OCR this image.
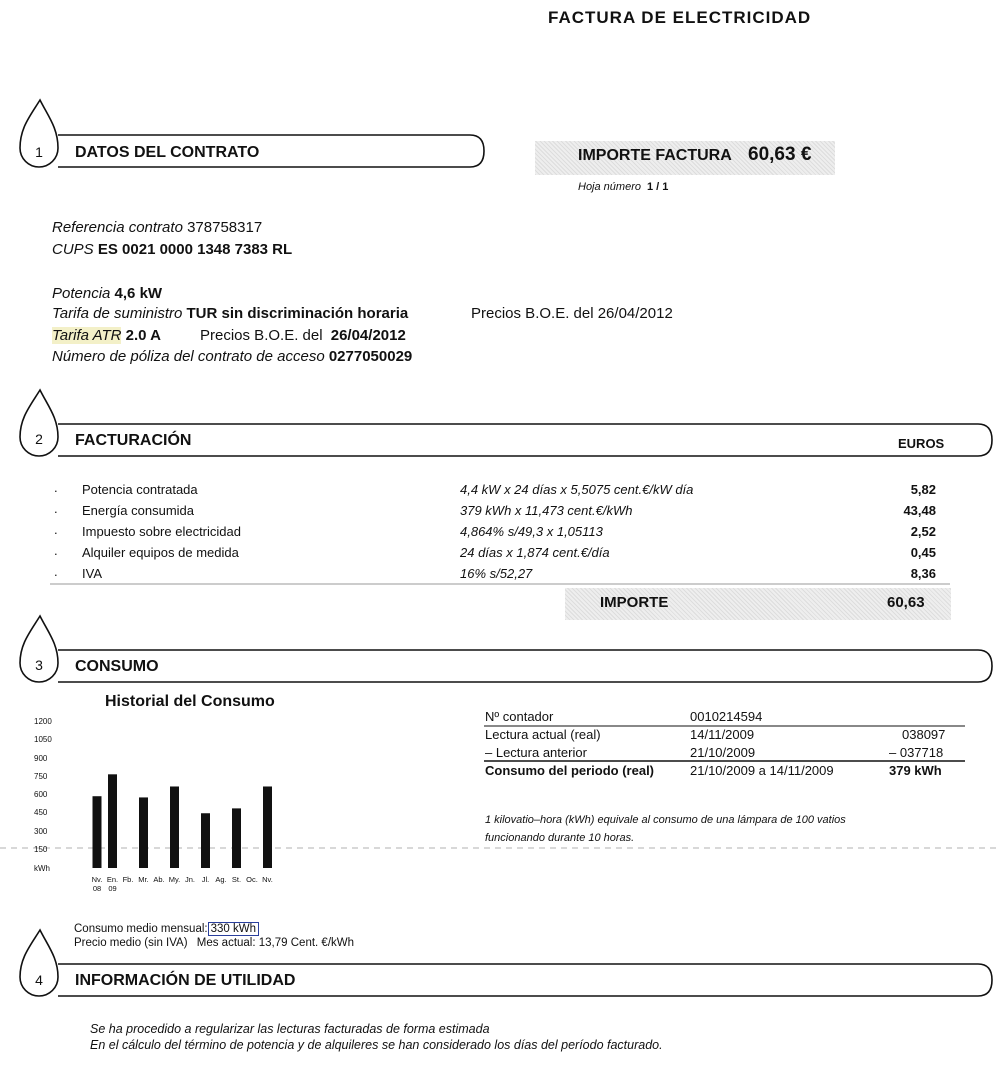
FACTURA DE ELECTRICIDAD
1	DATOS DEL CONTRATO
2	FACTURACIÓN	EUROS
3	CONSUMO
4	INFORMACIÓN DE UTILIDAD
IMPORTE FACTURA 60,63 €
Hoja número 1 / 1
Referencia contrato 378758317
CUPS ES 0021 0000 1348 7383 RL
Potencia 4,6 kW
Tarifa de suministro TUR sin discriminación horaria	Precios B.O.E. del 26/04/2012
Tarifa ATR 2.0 A	Precios B.O.E. del 26/04/2012
Número de póliza del contrato de acceso 0277050029
. Potencia contratada	4,4 kW x 24 días x 5,5075 cent.€/kW día	5,82
. Energía consumida	379 kWh x 11,473 cent.€/kWh	43,48
. Impuesto sobre electricidad	4,864% s/49,3 x 1,05113	2,52
. Alquiler equipos de medida	24 días x 1,874 cent.€/día	0,45
. IVA	16% s/52,27	8,36
IMPORTE	60,63
Historial del Consumo
1200
1050
900
750
600
450
300
150
kWh
Nv.
08
En.
09
Fb. Mr. Ab. My. Jn. Jl. Ag. St. Oc. Nv.
Nº contador	0010214594
Lectura actual (real)	14/11/2009	038097
– Lectura anterior	21/10/2009	– 037718
Consumo del periodo (real)	21/10/2009 a 14/11/2009	379 kWh
1 kilovatio–hora (kWh) equivale al consumo de una lámpara de 100 vatios
funcionando durante 10 horas.
Consumo medio mensual: 330 kWh
Precio medio (sin IVA) Mes actual: 13,79 Cent. €/kWh
Se ha procedido a regularizar las lecturas facturadas de forma estimada
En el cálculo del término de potencia y de alquileres se han considerado los días del período facturado.
